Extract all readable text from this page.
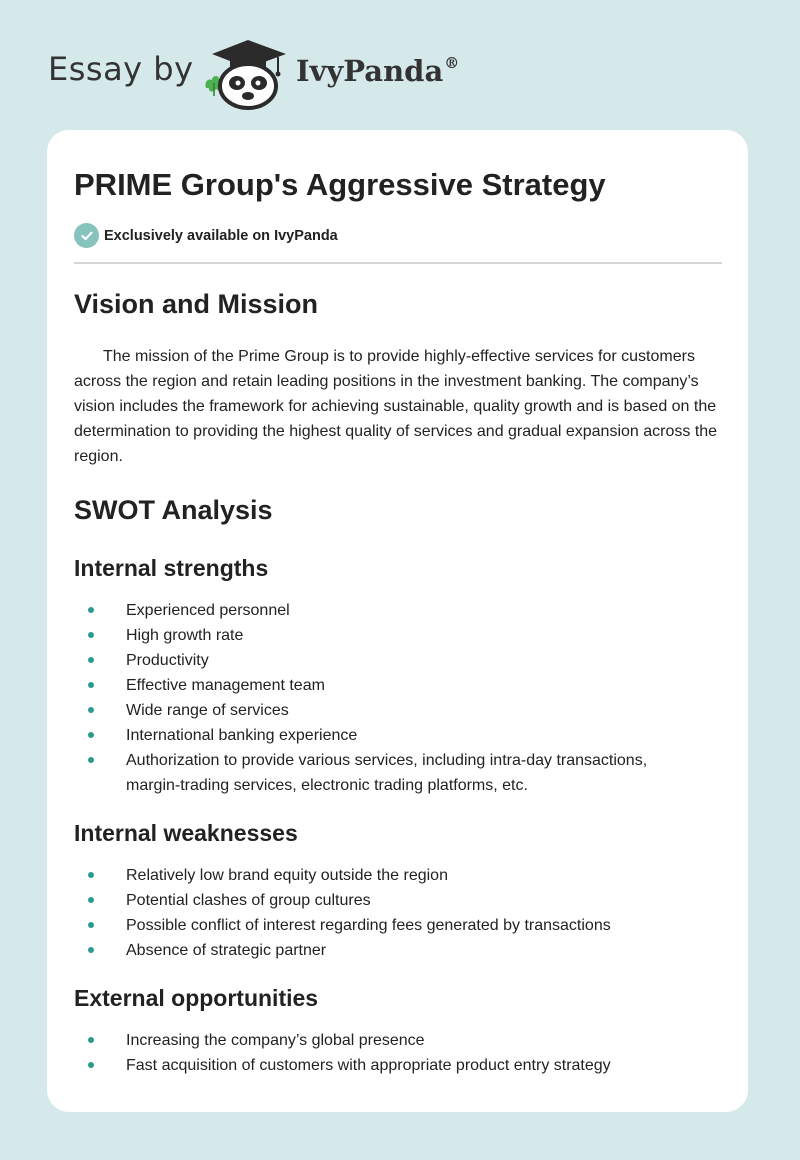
Essay by	IvyPanda®
PRIME Group's Aggressive Strategy
Exclusively available on IvyPanda
Vision and Mission

The mission of the Prime Group is to provide highly-effective services for customers across the region and retain leading positions in the investment banking. The company’s vision includes the framework for achieving sustainable, quality growth and is based on the determination to providing the highest quality of services and gradual expansion across the region.

SWOT Analysis
Internal strengths
Experienced personnel
High growth rate
Productivity
Effective management team
Wide range of services
International banking experience
Authorization to provide various services, including intra-day transactions, margin-trading services, electronic trading platforms, etc.
Internal weaknesses
Relatively low brand equity outside the region
Potential clashes of group cultures
Possible conflict of interest regarding fees generated by transactions
Absence of strategic partner
External opportunities
Increasing the company’s global presence
Fast acquisition of customers with appropriate product entry strategy
